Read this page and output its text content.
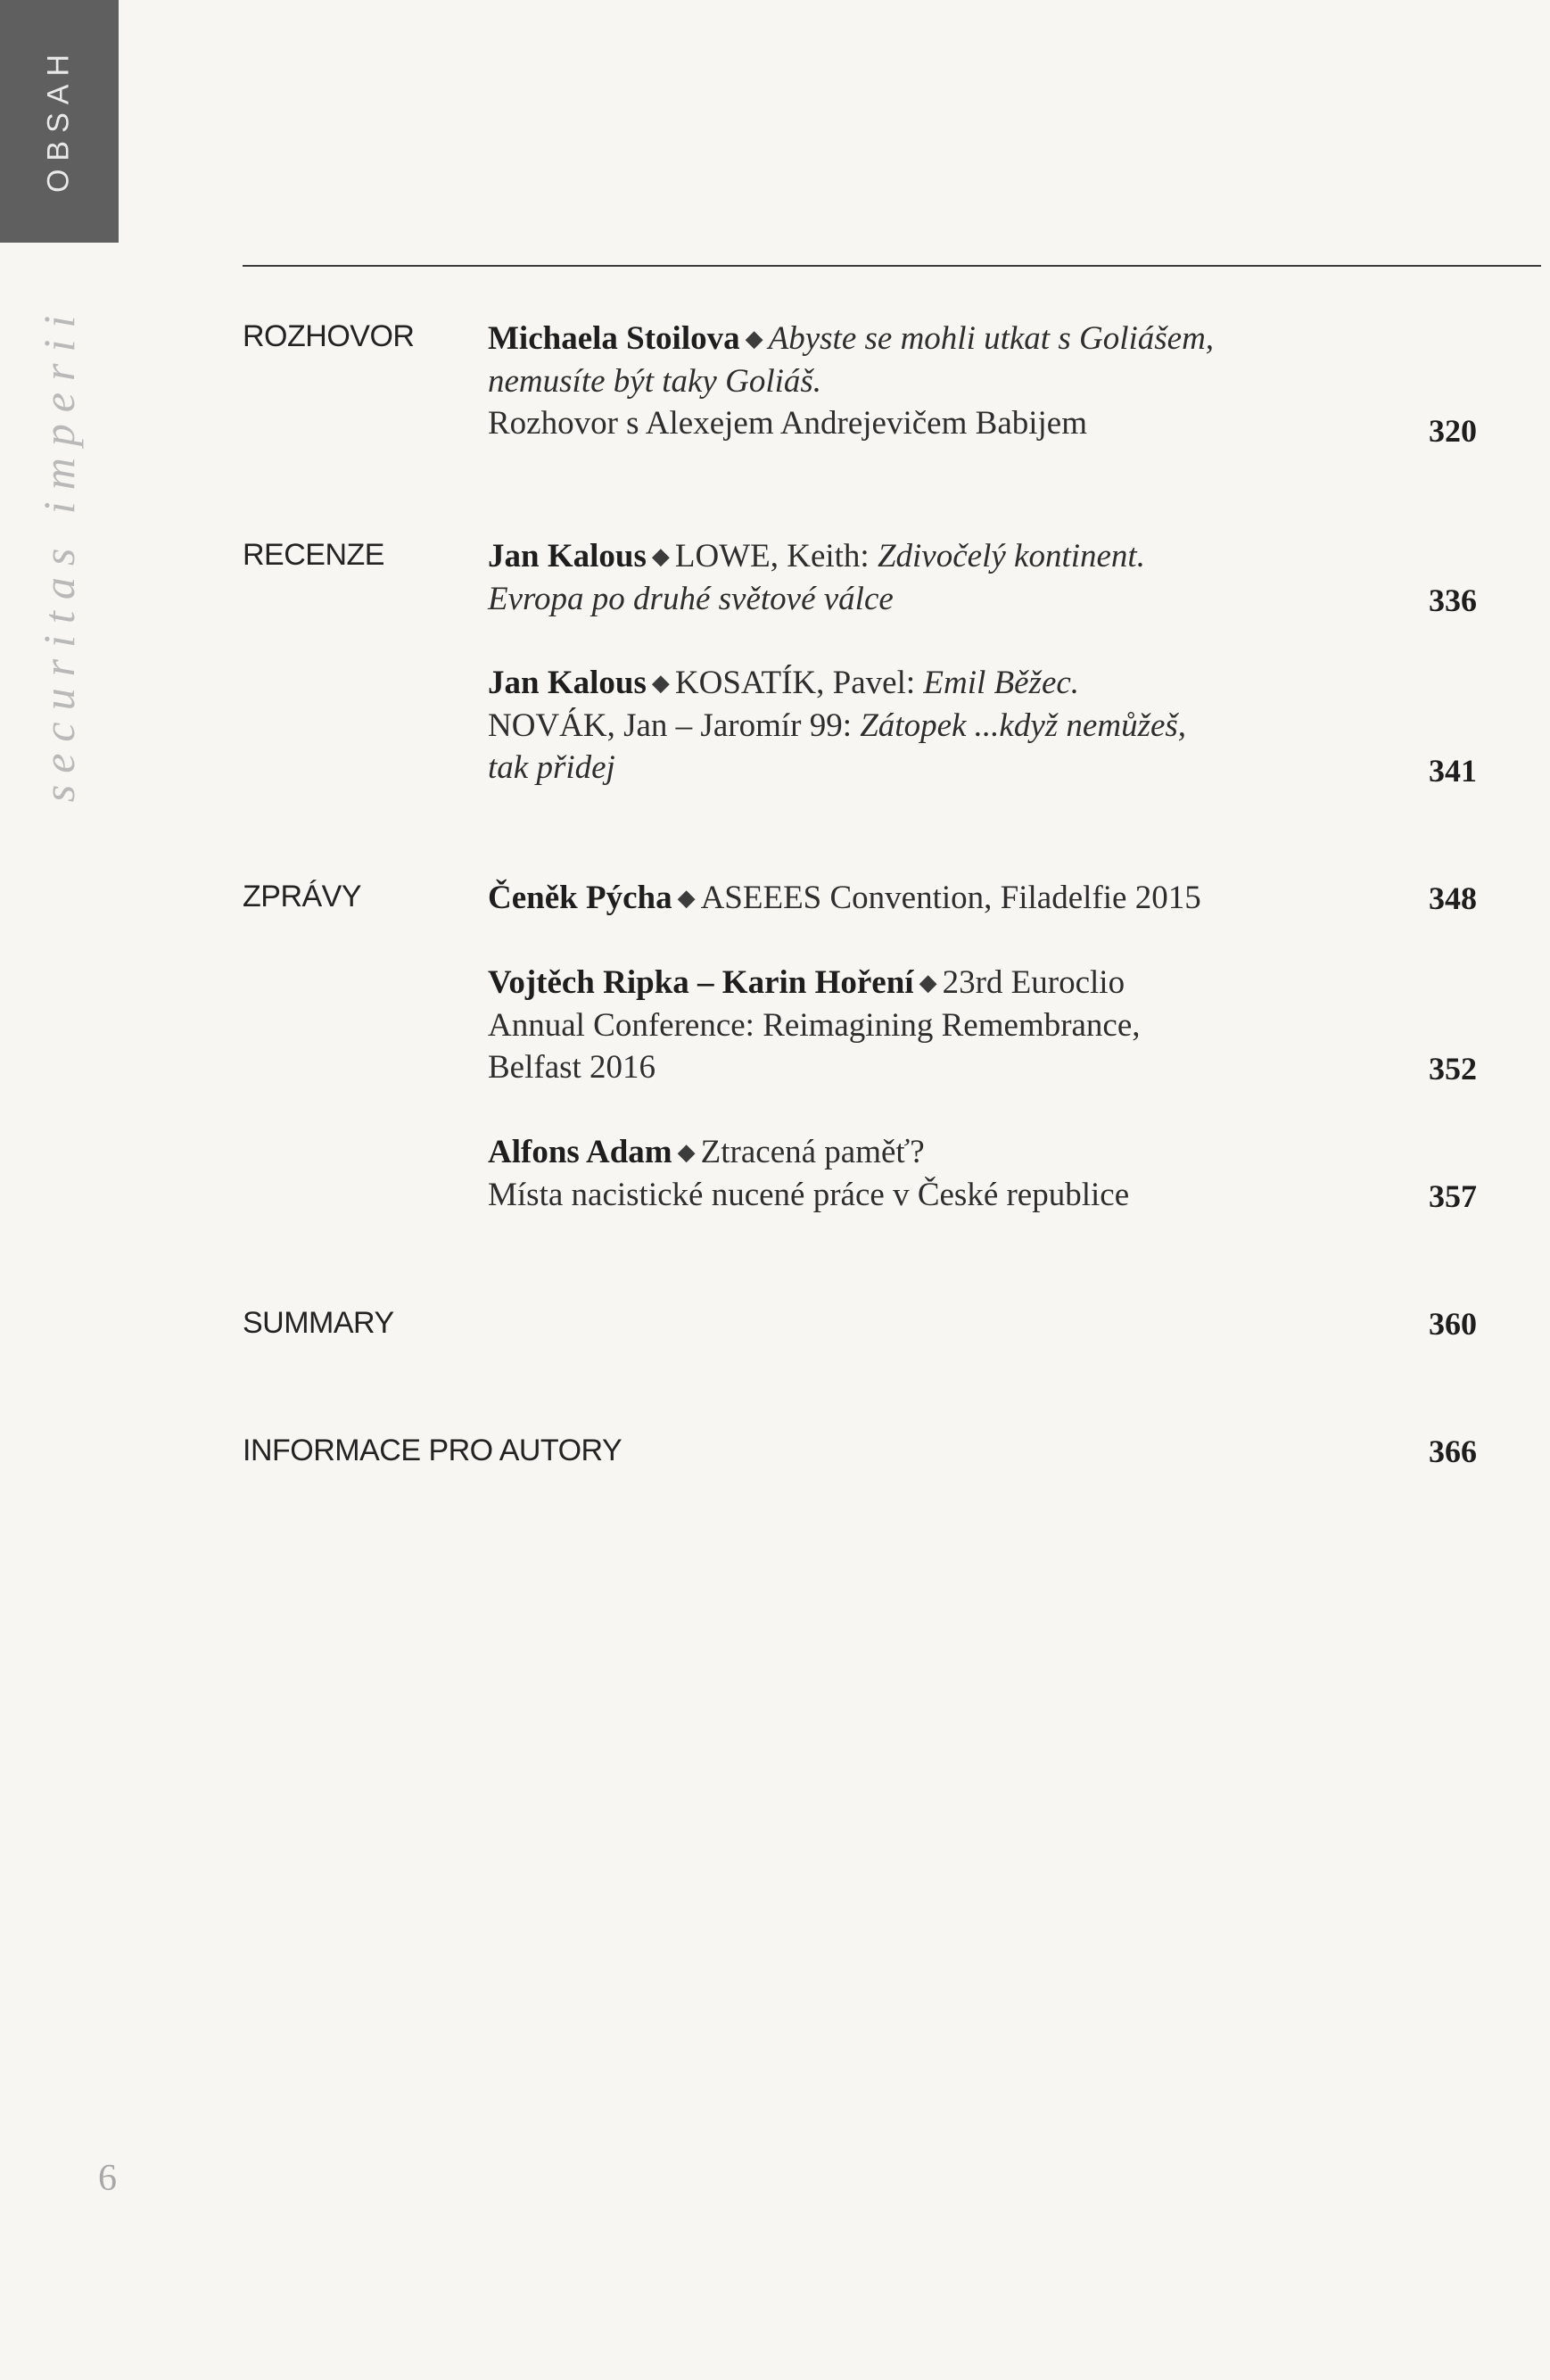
OBSAH
securitas imperii	ROZHOVOR Michaela Stoilova ◆ Abyste se mohli utkat s Goliášem,
nemusíte být taky Goliáš.
Rozhovor s Alexejem Andrejevičem Babijem	320
RECENZE	Jan Kalous ◆ LOWE, Keith: Zdivočelý kontinent.
Evropa po druhé světové válce	336
Jan Kalous ◆ KOSATÍK, Pavel: Emil Běžec.
NOVÁK, Jan – Jaromír 99: Zátopek ...když nemůžeš,
tak přidej	341
ZPRÁVY	Čeněk Pýcha ◆ ASEEES Convention, Filadelfie 2015	348
Vojtěch Ripka – Karin Hoření ◆ 23rd Euroclio
Annual Conference: Reimagining Remembrance,
Belfast 2016	352
Alfons Adam ◆ Ztracená paměť?
Místa nacistické nucené práce v České republice	357
SUMMARY	360
INFORMACE PRO AUTORY	366
6
